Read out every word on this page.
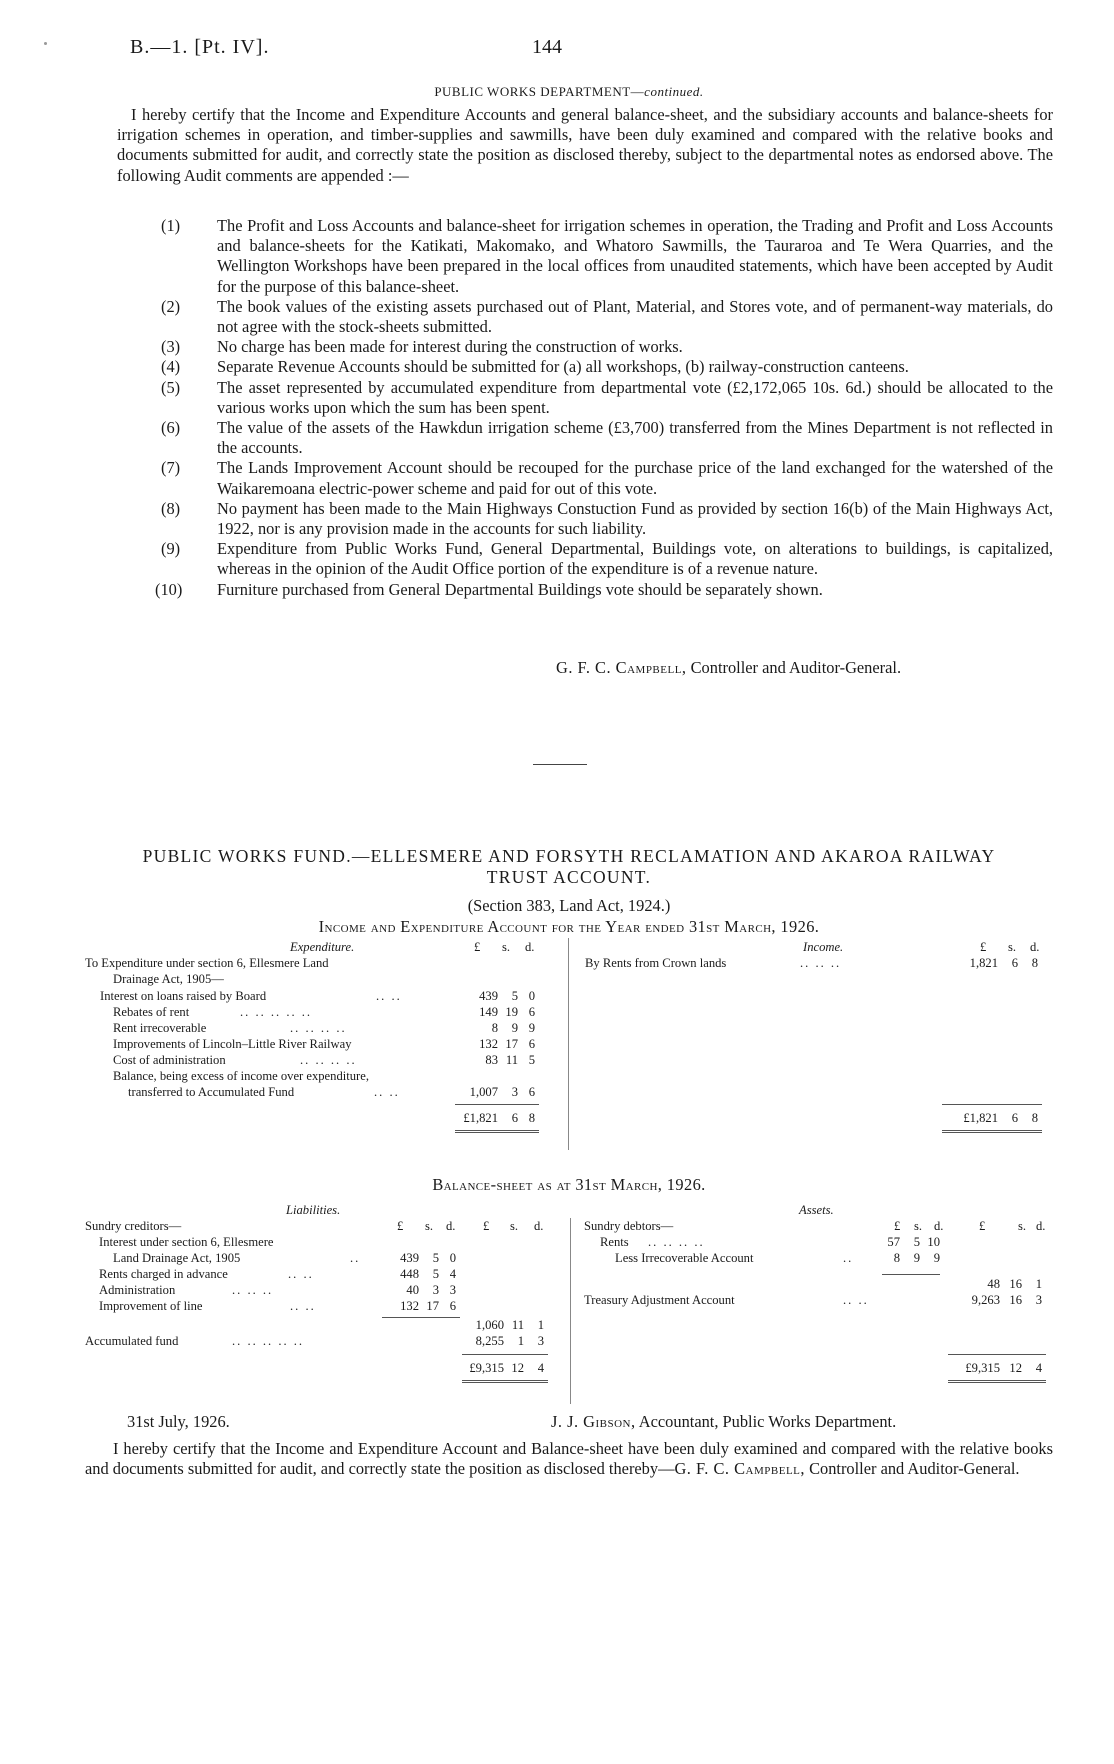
B.—1. [Pt. IV].	144
PUBLIC WORKS DEPARTMENT—continued.
I hereby certify that the Income and Expenditure Accounts and general balance-sheet, and the subsidiary accounts and balance-sheets for irrigation schemes in operation, and timber-supplies and sawmills, have been duly examined and compared with the relative books and documents submitted for audit, and correctly state the position as disclosed thereby, subject to the departmental notes as endorsed above. The following Audit comments are appended :—
(1)	The Profit and Loss Accounts and balance-sheet for irrigation schemes in operation, the Trading and Profit and Loss Accounts and balance-sheets for the Katikati, Makomako, and Whatoro Sawmills, the Tauraroa and Te Wera Quarries, and the Wellington Workshops have been prepared in the local offices from unaudited statements, which have been accepted by Audit for the purpose of this balance-sheet.
(2)	The book values of the existing assets purchased out of Plant, Material, and Stores vote, and of permanent-way materials, do not agree with the stock-sheets submitted.
(3)	No charge has been made for interest during the construction of works.
(4)	Separate Revenue Accounts should be submitted for (a) all workshops, (b) railway-construction canteens.
(5)	The asset represented by accumulated expenditure from departmental vote (£2,172,065 10s. 6d.) should be allocated to the various works upon which the sum has been spent.
(6)	The value of the assets of the Hawkdun irrigation scheme (£3,700) transferred from the Mines Department is not reflected in the accounts.
(7)	The Lands Improvement Account should be recouped for the purchase price of the land exchanged for the watershed of the Waikaremoana electric-power scheme and paid for out of this vote.
(8)	No payment has been made to the Main Highways Constuction Fund as provided by section 16(b) of the Main Highways Act, 1922, nor is any provision made in the accounts for such liability.
(9)	Expenditure from Public Works Fund, General Departmental, Buildings vote, on alterations to buildings, is capitalized, whereas in the opinion of the Audit Office portion of the expenditure is of a revenue nature.
(10)	Furniture purchased from General Departmental Buildings vote should be separately shown.
G. F. C. Campbell, Controller and Auditor-General.
PUBLIC WORKS FUND.—ELLESMERE AND FORSYTH RECLAMATION AND AKAROA RAILWAY
TRUST ACCOUNT.
(Section 383, Land Act, 1924.)
Income and Expenditure Account for the Year ended 31st March, 1926.
Expenditure.	£ s. d.	Income.	£ s. d.
To Expenditure under section 6, Ellesmere Land
Drainage Act, 1905—
Interest on loans raised by Board	.. ..	439	5 0
Rebates of rent	.. .. .. .. ..	149 19 6
Rent irrecoverable	.. .. .. ..	8	9 9
Improvements of Lincoln–Little River Railway	132 17 6
Cost of administration	.. .. .. ..	83 11 5
Balance, being excess of income over expenditure,
transferred to Accumulated Fund	.. ..	1,007	3 6
£1,821	6 8
By Rents from Crown lands	.. .. ..	1,821	6	8
£1,821	6	8
Balance-sheet as at 31st March, 1926.
Liabilities.
Sundry creditors—	£ s. d. £ s. d.
Interest under section 6, Ellesmere
Land Drainage Act, 1905	..	439	5 0
Rents charged in advance	.. ..	448	5 4
Administration	.. .. ..	40	3 3
Improvement of line	.. ..	132 17 6
1,060 11	1
Accumulated fund	.. .. .. .. ..	8,255	1	3
£9,315 12	4
Assets.
Sundry debtors—	£ s. d.	£	s. d.
Rents .. .. .. ..	57	5 10
Less Irrecoverable Account	..	8	9	9
48 16	1
Treasury Adjustment Account	.. ..	9,263 16	3
£9,315 12	4
31st July, 1926.	J. J. Gibson, Accountant, Public Works Department.
I hereby certify that the Income and Expenditure Account and Balance-sheet have been duly examined and compared with the relative books and documents submitted for audit, and correctly state the position as disclosed thereby—G. F. C. Campbell, Controller and Auditor-General.
